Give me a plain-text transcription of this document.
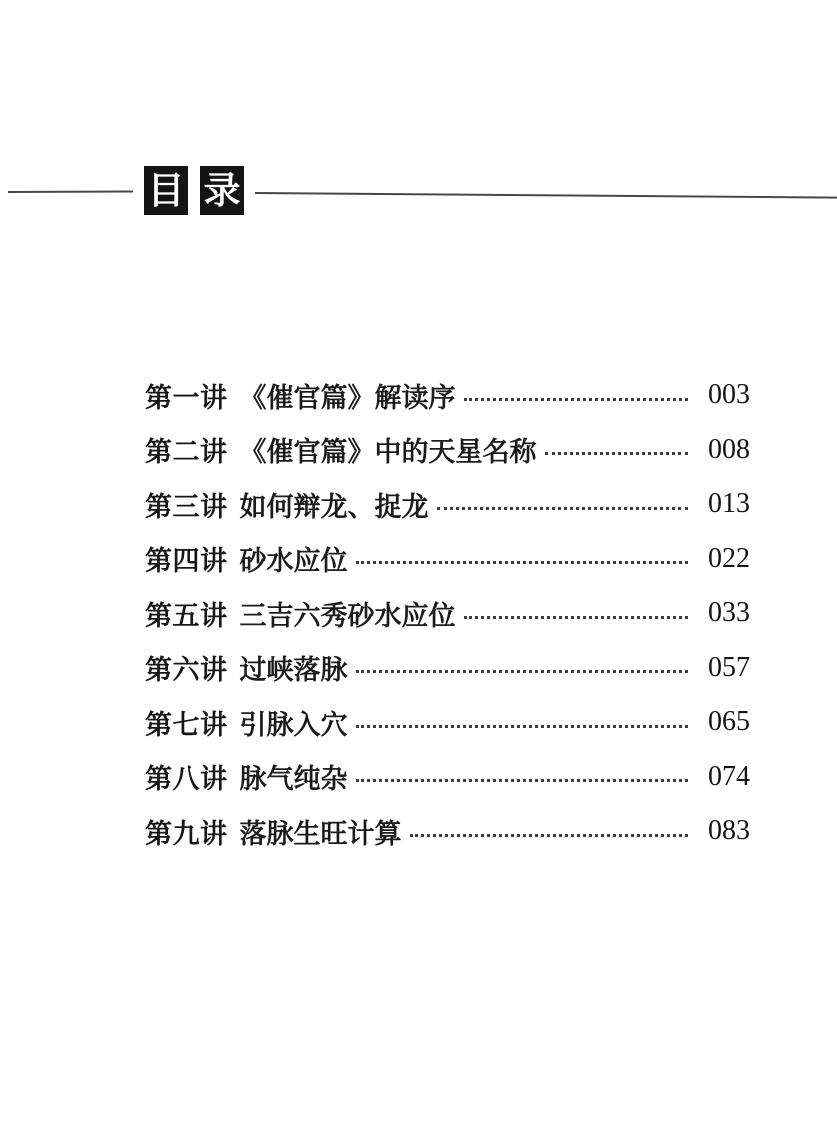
目 录
第一讲 《催官篇》解读序	003
第二讲 《催官篇》中的天星名称	008
第三讲 如何辩龙、捉龙	013
第四讲 砂水应位	022
第五讲 三吉六秀砂水应位	033
第六讲 过峡落脉	057
第七讲 引脉入穴	065
第八讲 脉气纯杂	074
第九讲 落脉生旺计算	083
